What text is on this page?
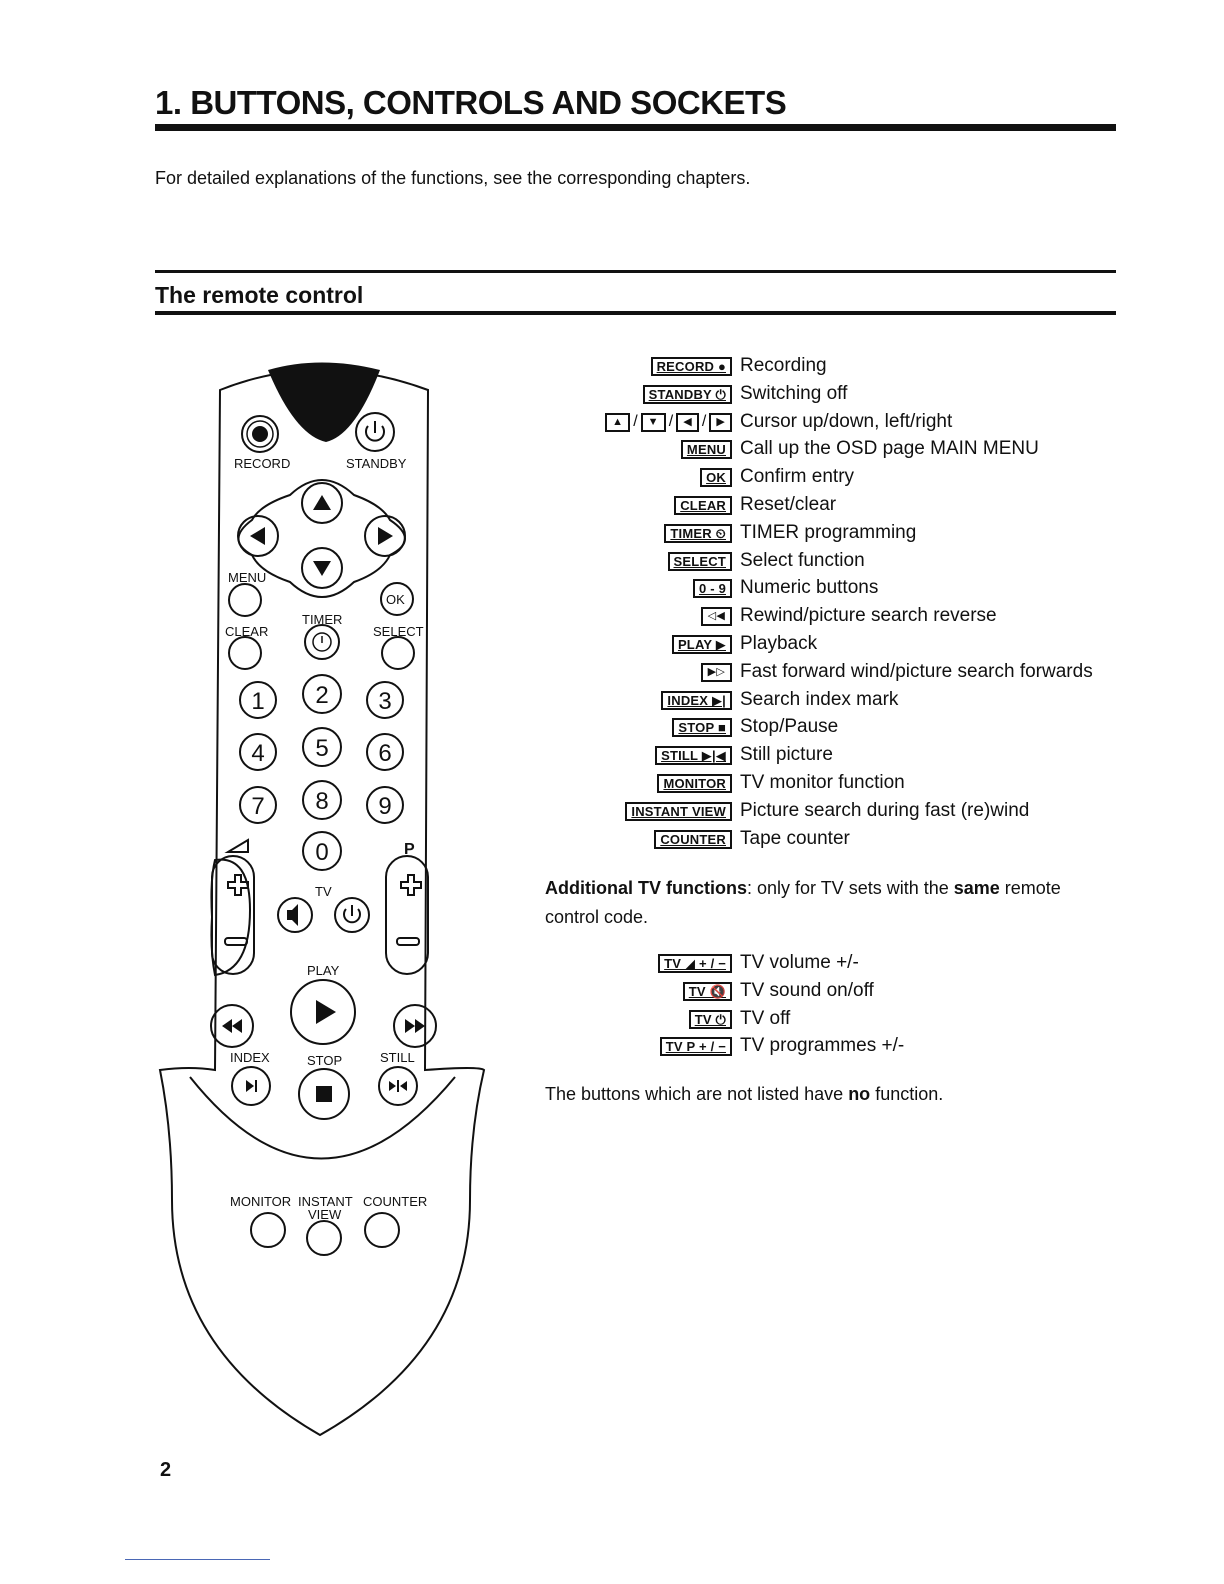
1. BUTTONS, CONTROLS AND SOCKETS

For detailed explanations of the functions, see the corresponding chapters.

The remote control
RECORD	STANDBY
MENU
OK
CLEAR
TIMER
SELECT
1 2 3
4 5 6
7 8 9
0	P
TV
PLAY
INDEX	STOP	STILL
MONITOR INSTANT
VIEW
COUNTER
RECORD ● Recording
STANDBY ⏻ Switching off
▲ / ▼ / ◀ / ▶ Cursor up/down, left/right
MENU Call up the OSD page MAIN MENU
OK Confirm entry
CLEAR Reset/clear
TIMER ⏲ TIMER programming
SELECT Select function
0 - 9 Numeric buttons
◁◀ Rewind/picture search reverse
PLAY ▶ Playback
▶▷ Fast forward wind/picture search forwards
INDEX ▶| Search index mark
STOP ■ Stop/Pause
STILL ▶|◀ Still picture
MONITOR TV monitor function
INSTANT VIEW Picture search during fast (re)wind
COUNTER Tape counter

Additional TV functions: only for TV sets with the same remote control code.

TV ◢ + / − TV volume +/-
TV 🔇 TV sound on/off
TV ⏻ TV off
TV P + / − TV programmes +/-

The buttons which are not listed have no function.

2
